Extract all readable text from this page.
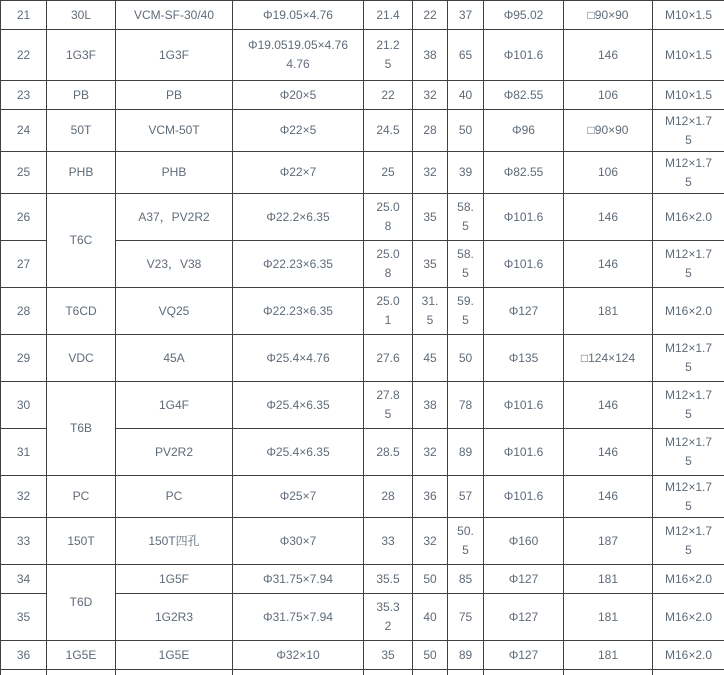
21	30L	VCM-SF-30/40	Φ19.05×4.76	21.4	22	37	Φ95.02	□90×90	M10×1.5
22	1G3F	1G3F	Φ19.0519.05×4.764.76	21.25	38	65	Φ101.6	146	M10×1.5
23	PB	PB	Φ20×5	22	32	40	Φ82.55	106	M10×1.5
24	50T	VCM-50T	Φ22×5	24.5	28	50	Φ96	□90×90	M12×1.75
25	PHB	PHB	Φ22×7	25	32	39	Φ82.55	106	M12×1.75
26	T6C	A37，PV2R2	Φ22.2×6.35	25.08	35	58.5	Φ101.6	146	M16×2.0
27		V23，V38	Φ22.23×6.35	25.08	35	58.5	Φ101.6	146	M12×1.75
28	T6CD	VQ25	Φ22.23×6.35	25.01	31.5	59.5	Φ127	181	M16×2.0
29	VDC	45A	Φ25.4×4.76	27.6	45	50	Φ135	□124×124	M12×1.75
30	T6B	1G4F	Φ25.4×6.35	27.85	38	78	Φ101.6	146	M12×1.75
31		PV2R2	Φ25.4×6.35	28.5	32	89	Φ101.6	146	M12×1.75
32	PC	PC	Φ25×7	28	36	57	Φ101.6	146	M12×1.75
33	150T	150T四孔	Φ30×7	33	32	50.5	Φ160	187	M12×1.75
34	T6D	1G5F	Φ31.75×7.94	35.5	50	85	Φ127	181	M16×2.0
35		1G2R3	Φ31.75×7.94	35.32	40	75	Φ127	181	M16×2.0
36	1G5E	1G5E	Φ32×10	35	50	89	Φ127	181	M16×2.0
